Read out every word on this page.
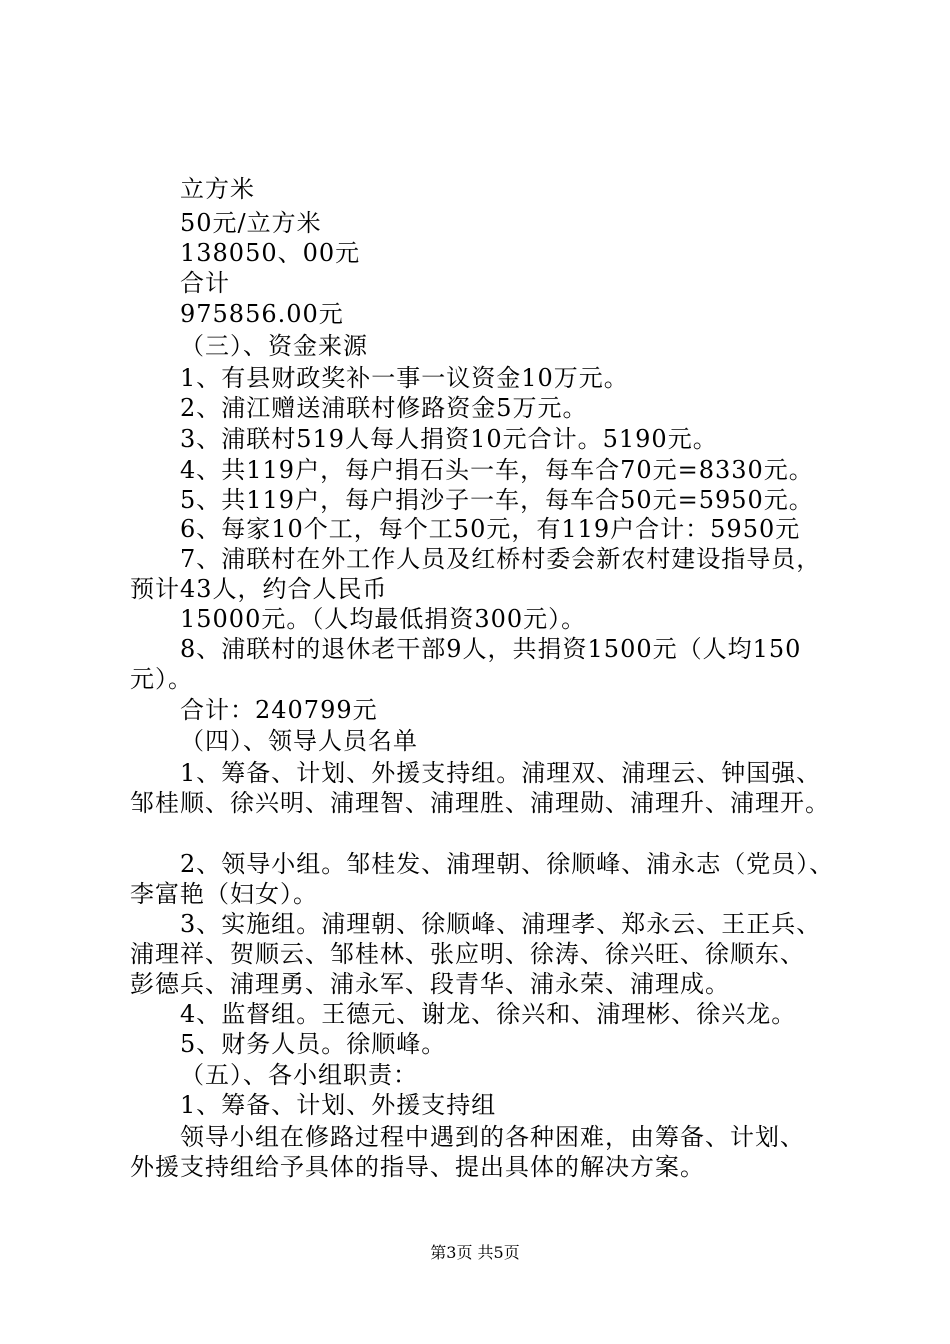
立方米
50元/立方米
138050、00元
合计
975856.00元
（三）、资金来源
1、有县财政奖补一事一议资金10万元。
2、浦江赠送浦联村修路资金5万元。
3、浦联村519人每人捐资10元合计。5190元。
4、共119户，每户捐石头一车，每车合70元=8330元。
5、共119户，每户捐沙子一车，每车合50元=5950元。
6、每家10个工，每个工50元，有119户合计：5950元
7、浦联村在外工作人员及红桥村委会新农村建设指导员，
预计43人，约合人民币
15000元。（人均最低捐资300元）。
8、浦联村的退休老干部9人，共捐资1500元（人均150
元）。
合计：240799元
（四）、领导人员名单
1、筹备、计划、外援支持组。浦理双、浦理云、钟国强、
邹桂顺、徐兴明、浦理智、浦理胜、浦理勋、浦理升、浦理开。
2、领导小组。邹桂发、浦理朝、徐顺峰、浦永志（党员）、
李富艳（妇女）。
3、实施组。浦理朝、徐顺峰、浦理孝、郑永云、王正兵、
浦理祥、贺顺云、邹桂林、张应明、徐涛、徐兴旺、徐顺东、
彭德兵、浦理勇、浦永军、段青华、浦永荣、浦理成。
4、监督组。王德元、谢龙、徐兴和、浦理彬、徐兴龙。
5、财务人员。徐顺峰。
（五）、各小组职责：
1、筹备、计划、外援支持组
领导小组在修路过程中遇到的各种困难，由筹备、计划、
外援支持组给予具体的指导、提出具体的解决方案。
第3页 共5页
